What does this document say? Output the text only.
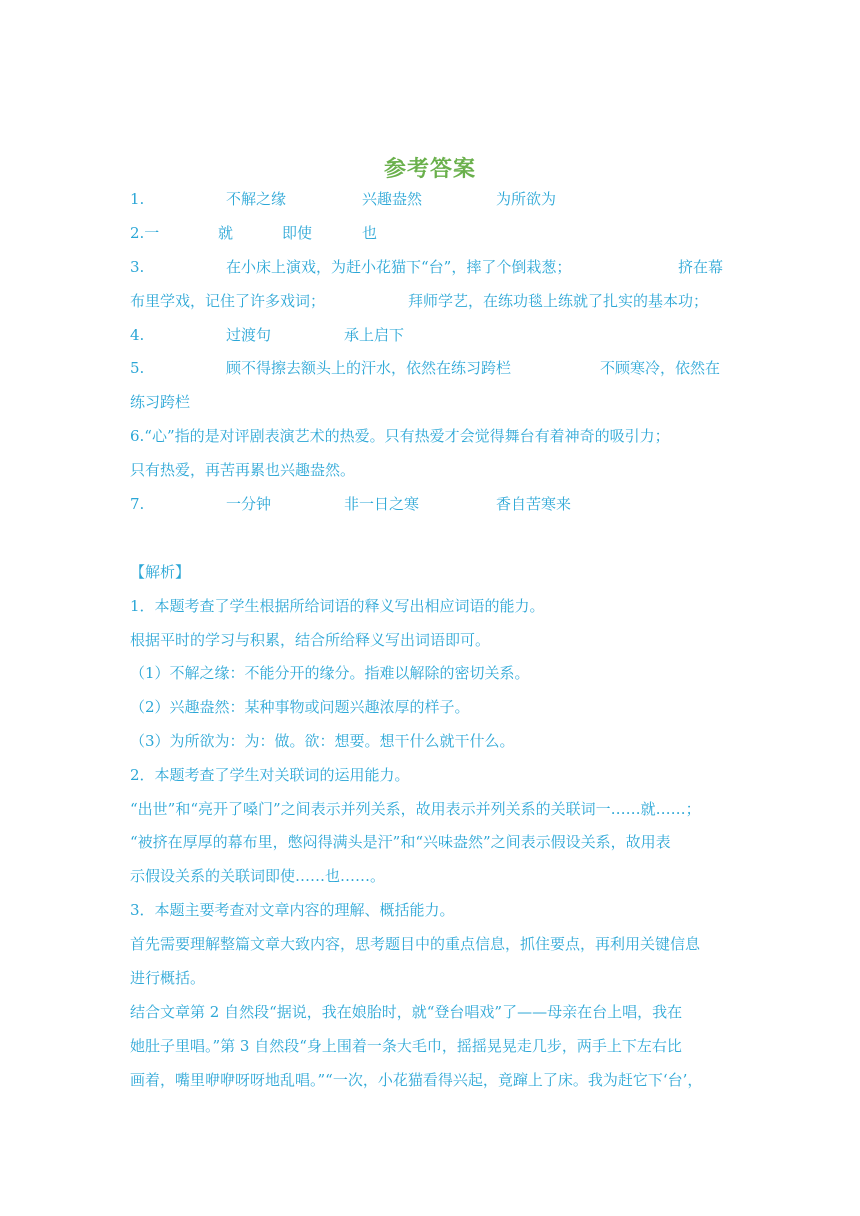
参考答案
1.	不解之缘	兴趣盎然	为所欲为
2.一	就	即使	也
3.	在小床上演戏，为赶小花猫下“台”，摔了个倒栽葱；	挤在幕
布里学戏，记住了许多戏词；	拜师学艺，在练功毯上练就了扎实的基本功；
4.	过渡句	承上启下
5.	顾不得擦去额头上的汗水，依然在练习跨栏	不顾寒冷，依然在
练习跨栏
6.“心”指的是对评剧表演艺术的热爱。只有热爱才会觉得舞台有着神奇的吸引力；
只有热爱，再苦再累也兴趣盎然。
7.	一分钟	非一日之寒	香自苦寒来
【解析】
1．本题考查了学生根据所给词语的释义写出相应词语的能力。
根据平时的学习与积累，结合所给释义写出词语即可。
（1）不解之缘：不能分开的缘分。指难以解除的密切关系。
（2）兴趣盎然：某种事物或问题兴趣浓厚的样子。
（3）为所欲为：为：做。欲：想要。想干什么就干什么。
2．本题考查了学生对关联词的运用能力。
“出世”和“亮开了嗓门”之间表示并列关系，故用表示并列关系的关联词一……就……；
“被挤在厚厚的幕布里，憋闷得满头是汗”和“兴味盎然”之间表示假设关系，故用表
示假设关系的关联词即使……也……。
3．本题主要考查对文章内容的理解、概括能力。
首先需要理解整篇文章大致内容，思考题目中的重点信息，抓住要点，再利用关键信息
进行概括。
结合文章第 2 自然段“据说，我在娘胎时，就“登台唱戏”了——母亲在台上唱，我在
她肚子里唱。”第 3 自然段“身上围着一条大毛巾，摇摇晃晃走几步，两手上下左右比
画着，嘴里咿咿呀呀地乱唱。”“一次，小花猫看得兴起，竟蹿上了床。我为赶它下‘台’，
